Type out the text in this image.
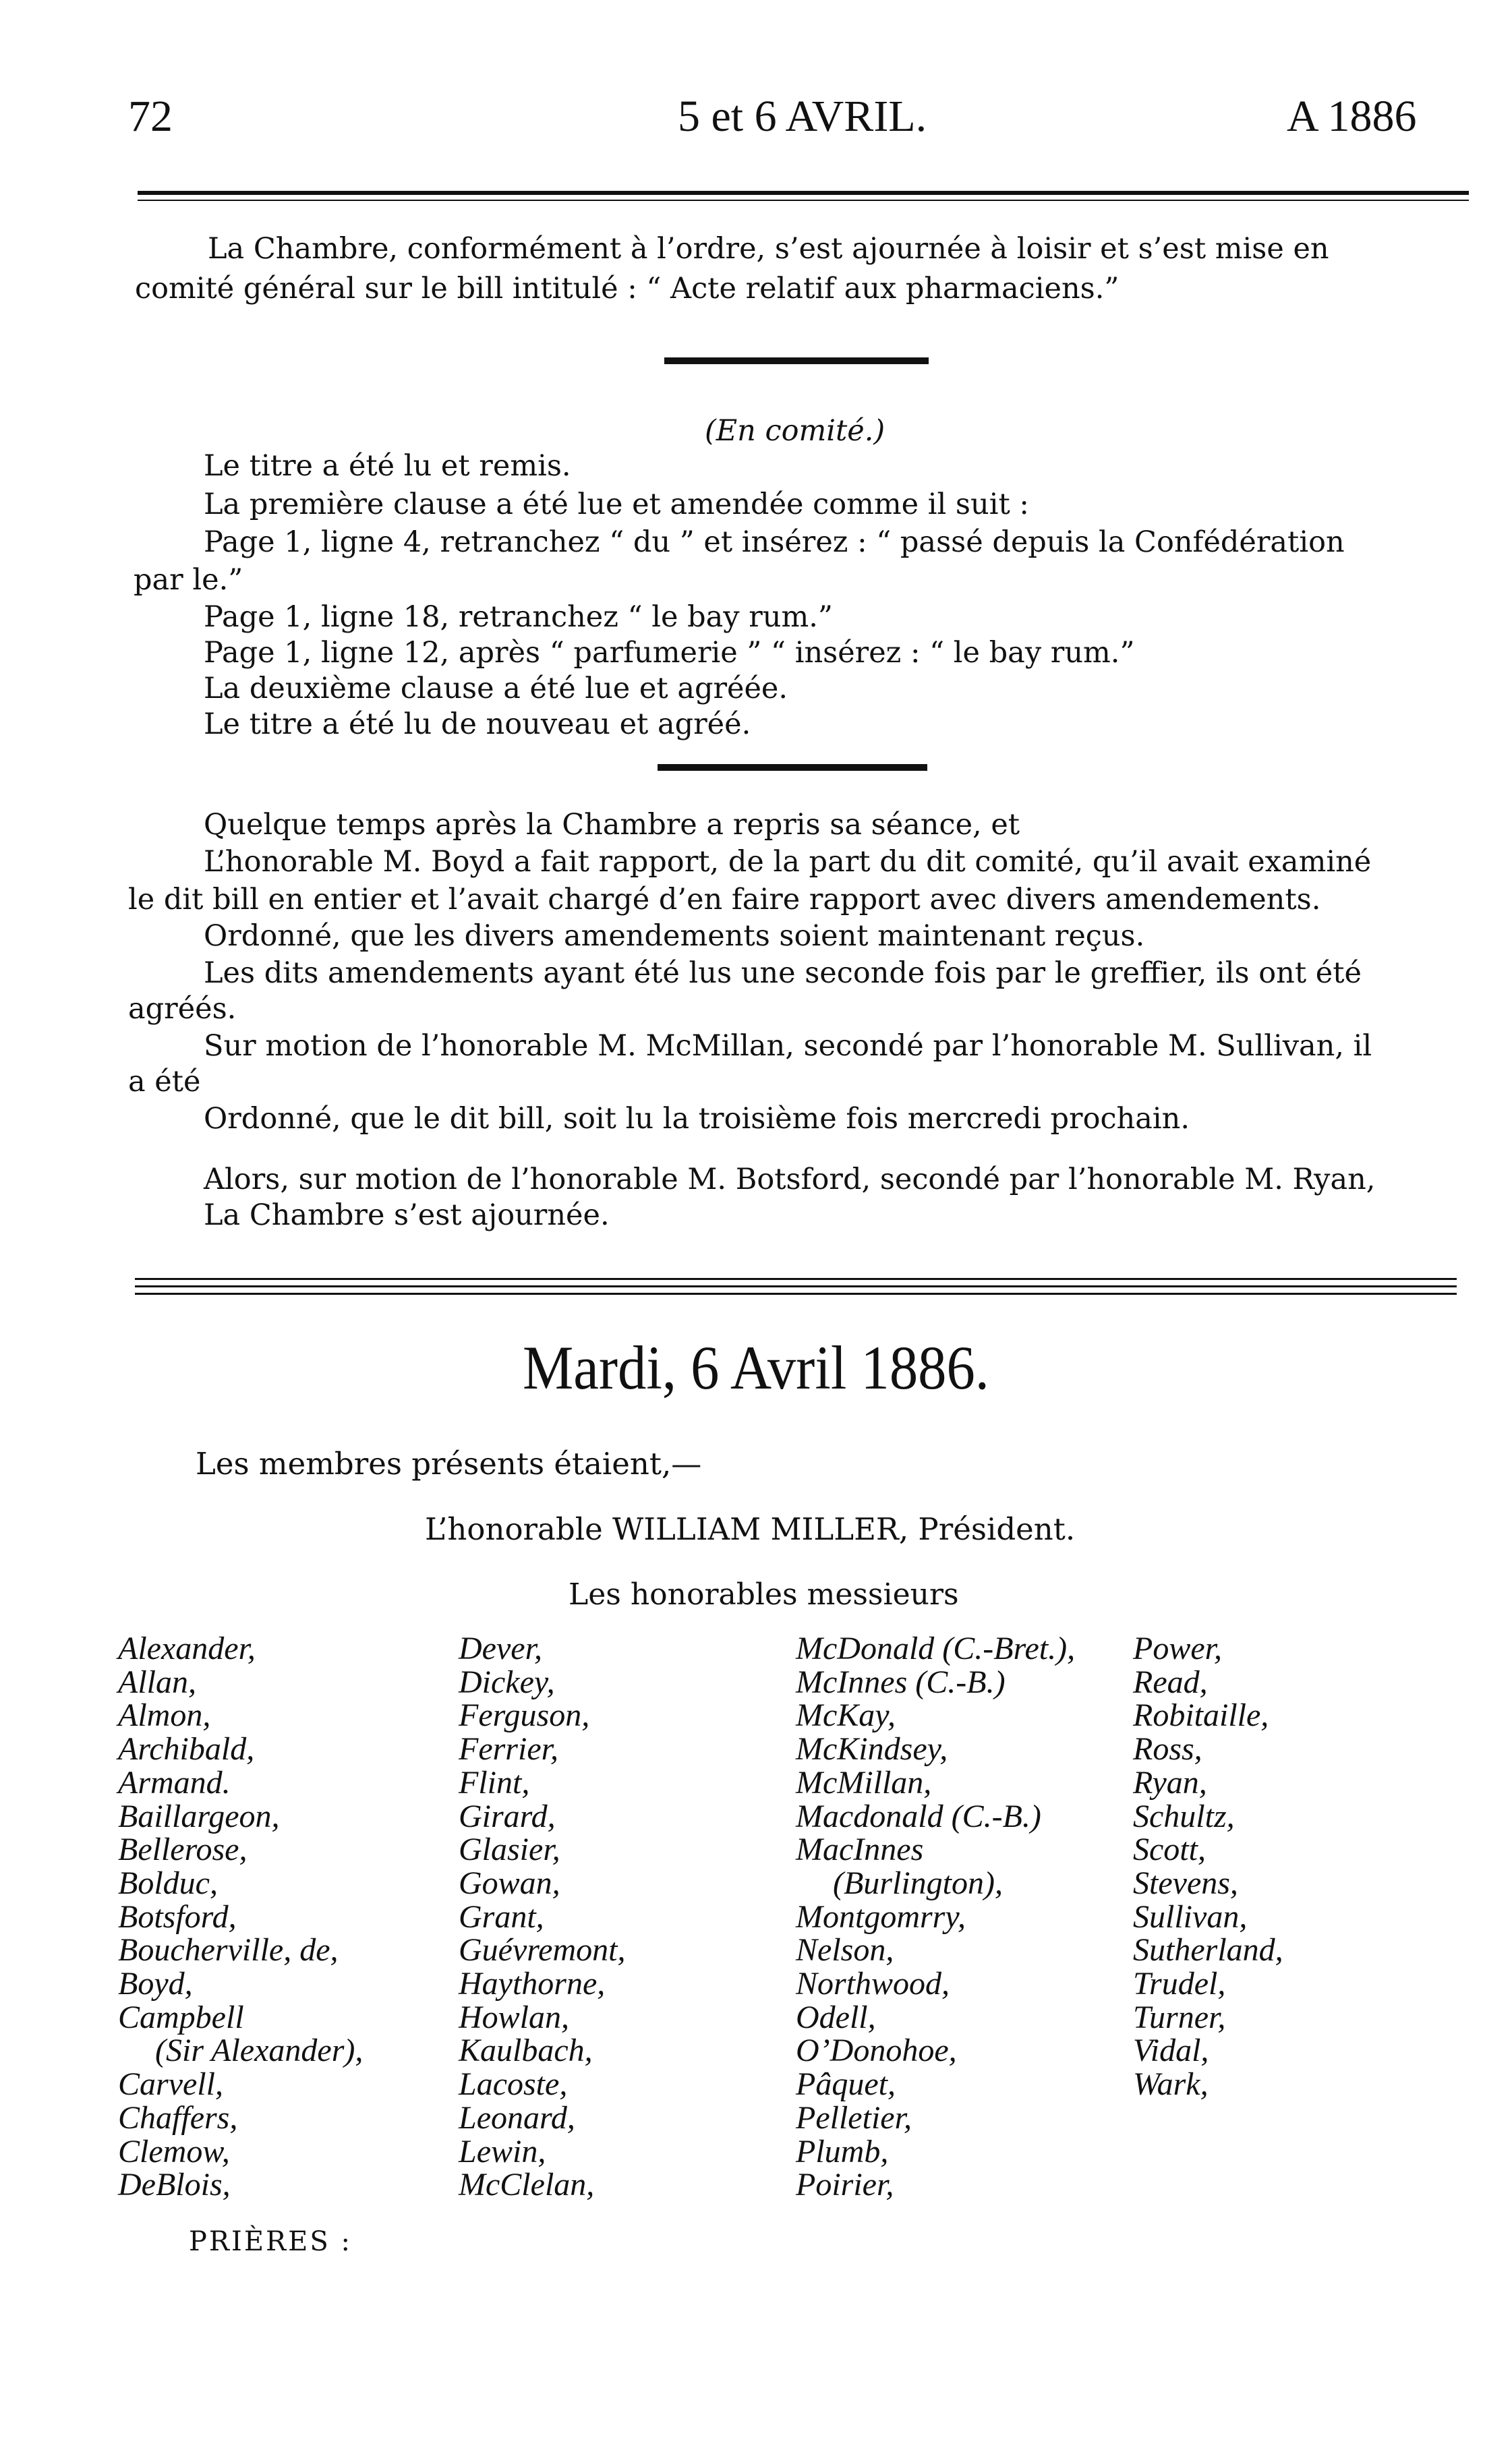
72	5 et 6 AVRIL.	A 1886
La Chambre, conformément à l’ordre, s’est ajournée à loisir et s’est mise en
comité général sur le bill intitulé : “ Acte relatif aux pharmaciens.”
(En comité.)
Le titre a été lu et remis.
La première clause a été lue et amendée comme il suit :
Page 1, ligne 4, retranchez “ du ” et insérez : “ passé depuis la Confédération
par le.”
Page 1, ligne 18, retranchez “ le bay rum.”
Page 1, ligne 12, après “ parfumerie ” “ insérez : “ le bay rum.”
La deuxième clause a été lue et agréée.
Le titre a été lu de nouveau et agréé.
Quelque temps après la Chambre a repris sa séance, et
L’honorable M. Boyd a fait rapport, de la part du dit comité, qu’il avait examiné
le dit bill en entier et l’avait chargé d’en faire rapport avec divers amendements.
Ordonné, que les divers amendements soient maintenant reçus.
Les dits amendements ayant été lus une seconde fois par le greffier, ils ont été
agréés.
Sur motion de l’honorable M. McMillan, secondé par l’honorable M. Sullivan, il
a été
Ordonné, que le dit bill, soit lu la troisième fois mercredi prochain.
Alors, sur motion de l’honorable M. Botsford, secondé par l’honorable M. Ryan,
La Chambre s’est ajournée.
Mardi, 6 Avril 1886.
Les membres présents étaient,—
L’honorable WILLIAM MILLER, Président.
Les honorables messieurs
Alexander,
Allan,
Almon,
Archibald,
Armand.
Baillargeon,
Bellerose,
Bolduc,
Botsford,
Boucherville, de,
Boyd,
Campbell
(Sir Alexander),
Carvell,
Chaffers,
Clemow,
DeBlois,
Dever,
Dickey,
Ferguson,
Ferrier,
Flint,
Girard,
Glasier,
Gowan,
Grant,
Guévremont,
Haythorne,
Howlan,
Kaulbach,
Lacoste,
Leonard,
Lewin,
McClelan,
McDonald (C.-Bret.),
McInnes (C.-B.)
McKay,
McKindsey,
McMillan,
Macdonald (C.-B.)
MacInnes
(Burlington),
Montgomrry,
Nelson,
Northwood,
Odell,
O’Donohoe,
Pâquet,
Pelletier,
Plumb,
Poirier,
Power,
Read,
Robitaille,
Ross,
Ryan,
Schultz,
Scott,
Stevens,
Sullivan,
Sutherland,
Trudel,
Turner,
Vidal,
Wark,
PRIÈRES :
